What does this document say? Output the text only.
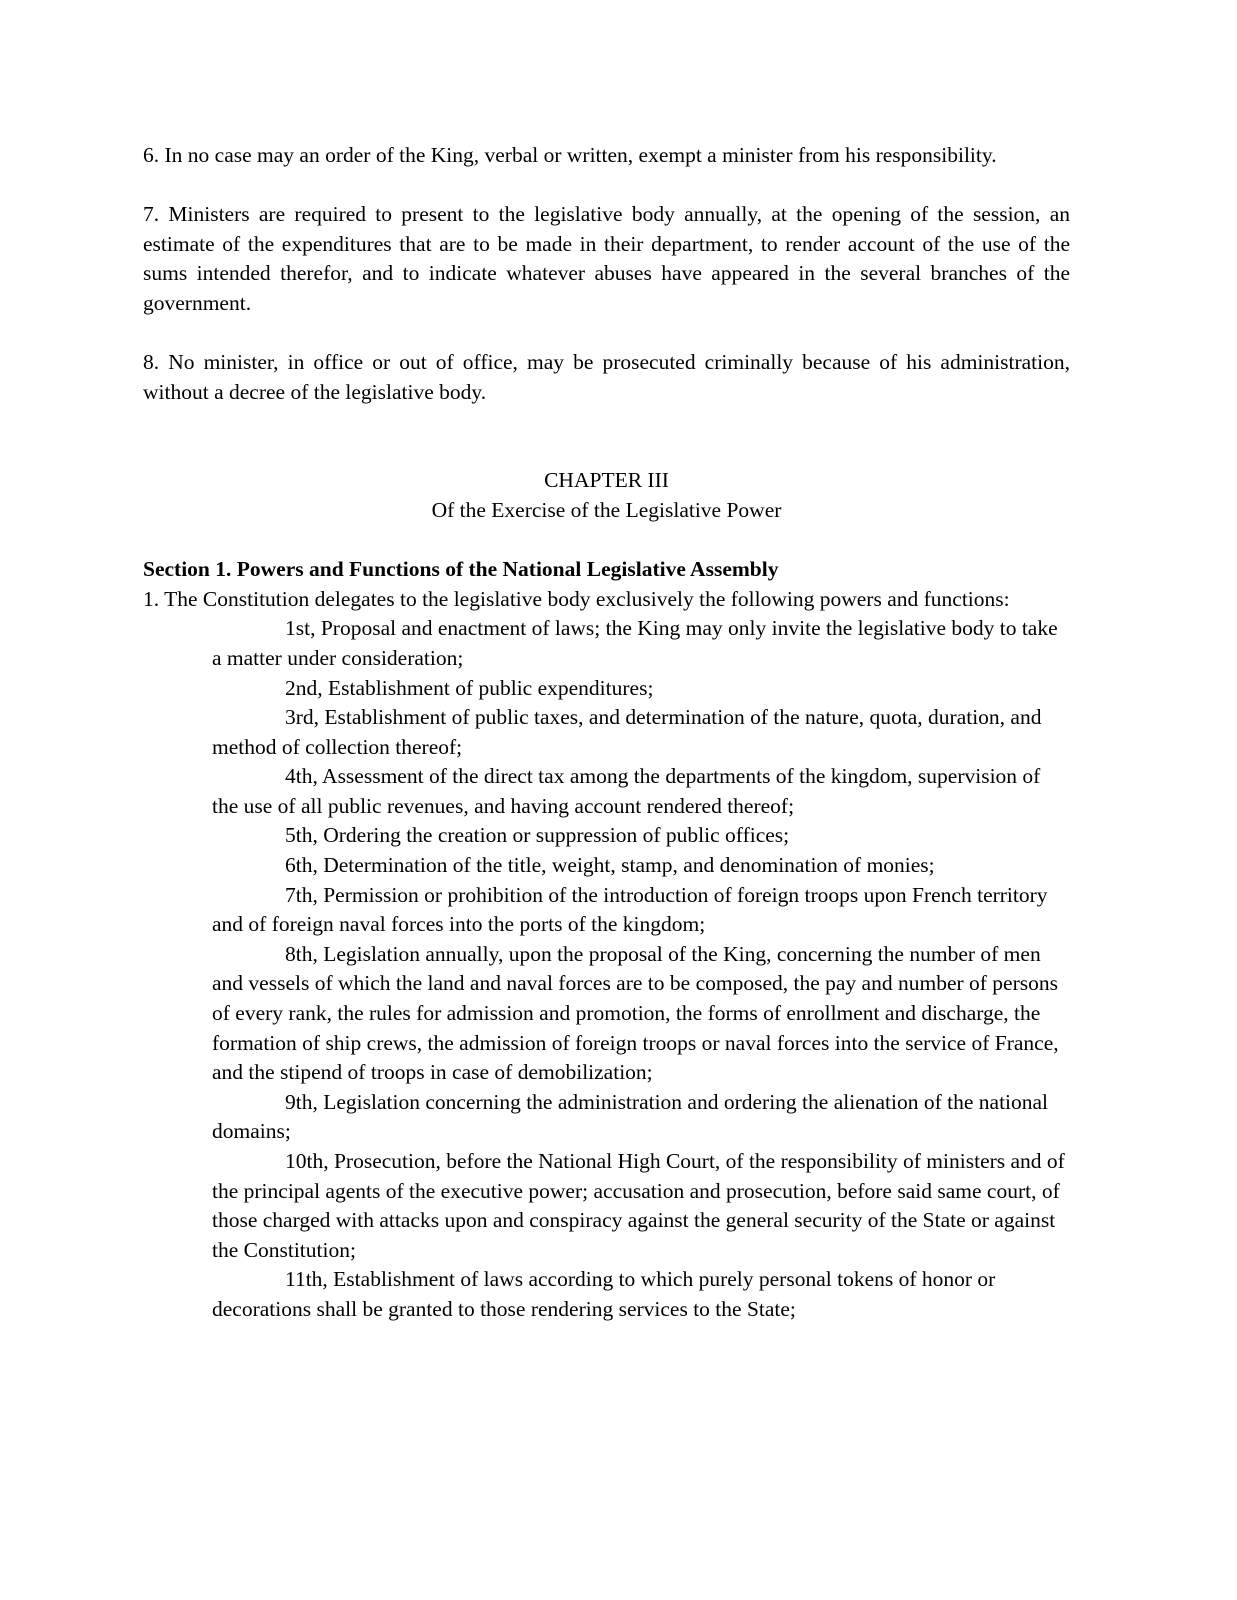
6. In no case may an order of the King, verbal or written, exempt a minister from his responsibility.

7. Ministers are required to present to the legislative body annually, at the opening of the session, an estimate of the expenditures that are to be made in their department, to render account of the use of the sums intended therefor, and to indicate whatever abuses have appeared in the several branches of the government.

8. No minister, in office or out of office, may be prosecuted criminally because of his administration, without a decree of the legislative body.

CHAPTER III

Of the Exercise of the Legislative Power

Section 1. Powers and Functions of the National Legislative Assembly

1. The Constitution delegates to the legislative body exclusively the following powers and functions:

1st, Proposal and enactment of laws; the King may only invite the legislative body to take a matter under consideration;
2nd, Establishment of public expenditures;
3rd, Establishment of public taxes, and determination of the nature, quota, duration, and method of collection thereof;
4th, Assessment of the direct tax among the departments of the kingdom, supervision of the use of all public revenues, and having account rendered thereof;
5th, Ordering the creation or suppression of public offices;
6th, Determination of the title, weight, stamp, and denomination of monies;
7th, Permission or prohibition of the introduction of foreign troops upon French territory and of foreign naval forces into the ports of the kingdom;
8th, Legislation annually, upon the proposal of the King, concerning the number of men and vessels of which the land and naval forces are to be composed, the pay and number of persons of every rank, the rules for admission and promotion, the forms of enrollment and discharge, the formation of ship crews, the admission of foreign troops or naval forces into the service of France, and the stipend of troops in case of demobilization;
9th, Legislation concerning the administration and ordering the alienation of the national domains;
10th, Prosecution, before the National High Court, of the responsibility of ministers and of the principal agents of the executive power; accusation and prosecution, before said same court, of those charged with attacks upon and conspiracy against the general security of the State or against the Constitution;
11th, Establishment of laws according to which purely personal tokens of honor or decorations shall be granted to those rendering services to the State;
